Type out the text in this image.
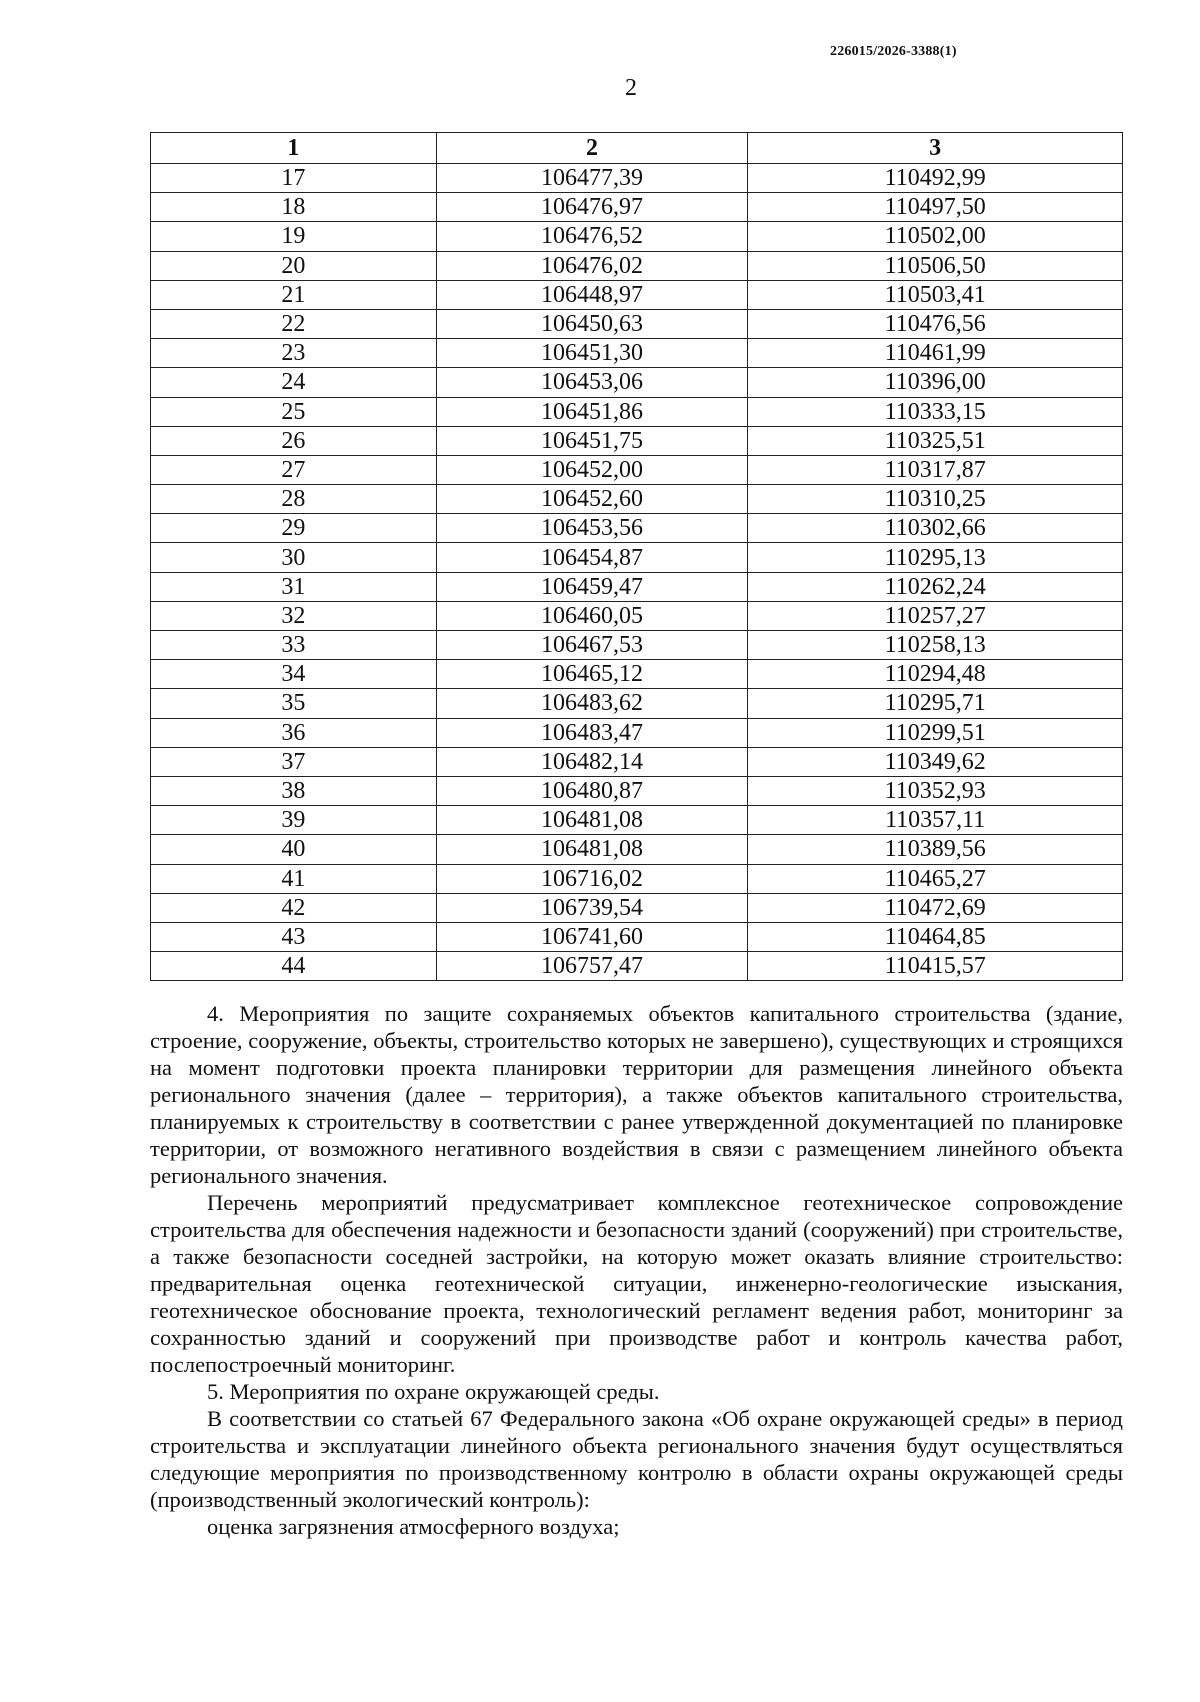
226015/2026-3388(1)
2
1	2	3
17	106477,39	110492,99
18	106476,97	110497,50
19	106476,52	110502,00
20	106476,02	110506,50
21	106448,97	110503,41
22	106450,63	110476,56
23	106451,30	110461,99
24	106453,06	110396,00
25	106451,86	110333,15
26	106451,75	110325,51
27	106452,00	110317,87
28	106452,60	110310,25
29	106453,56	110302,66
30	106454,87	110295,13
31	106459,47	110262,24
32	106460,05	110257,27
33	106467,53	110258,13
34	106465,12	110294,48
35	106483,62	110295,71
36	106483,47	110299,51
37	106482,14	110349,62
38	106480,87	110352,93
39	106481,08	110357,11
40	106481,08	110389,56
41	106716,02	110465,27
42	106739,54	110472,69
43	106741,60	110464,85
44	106757,47	110415,57

4. Мероприятия по защите сохраняемых объектов капитального строительства (здание, строение, сооружение, объекты, строительство которых не завершено), существующих и строящихся на момент подготовки проекта планировки территории для размещения линейного объекта регионального значения (далее – территория), а также объектов капитального строительства, планируемых к строительству в соответствии с ранее утвержденной документацией по планировке территории, от возможного негативного воздействия в связи с размещением линейного объекта регионального значения.

Перечень мероприятий предусматривает комплексное геотехническое сопровождение строительства для обеспечения надежности и безопасности зданий (сооружений) при строительстве, а также безопасности соседней застройки, на которую может оказать влияние строительство: предварительная оценка геотехнической ситуации, инженерно-геологические изыскания, геотехническое обоснование проекта, технологический регламент ведения работ, мониторинг за сохранностью зданий и сооружений при производстве работ и контроль качества работ, послепостроечный мониторинг.

5. Мероприятия по охране окружающей среды.

В соответствии со статьей 67 Федерального закона «Об охране окружающей среды» в период строительства и эксплуатации линейного объекта регионального значения будут осуществляться следующие мероприятия по производственному контролю в области охраны окружающей среды (производственный экологический контроль):

оценка загрязнения атмосферного воздуха;
